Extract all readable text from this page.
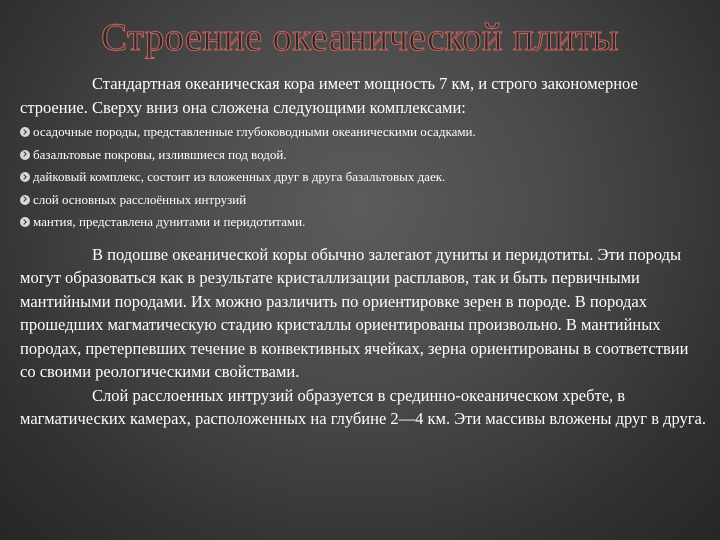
Строение океанической плиты

Стандартная океаническая кора имеет мощность 7 км, и строго закономерное строение. Сверху вниз она сложена следующими комплексами:

осадочные породы, представленные глубоководными океаническими осадками.
базальтовые покровы, излившиеся под водой.
дайковый комплекс, состоит из вложенных друг в друга базальтовых даек.
слой основных расслоённых интрузий
мантия, представлена дунитами и перидотитами.

В подошве океанической коры обычно залегают дуниты и перидотиты. Эти породы могут образоваться как в результате кристаллизации расплавов, так и быть первичными мантийными породами. Их можно различить по ориентировке зерен в породе. В породах прошедших магматическую стадию кристаллы ориентированы произвольно. В мантийных породах, претерпевших течение в конвективных ячейках, зерна ориентированы в соответствии со своими реологическими свойствами.

Слой расслоенных интрузий образуется в срединно-океаническом хребте, в магматических камерах, расположенных на глубине 2—4 км. Эти массивы вложены друг в друга.
